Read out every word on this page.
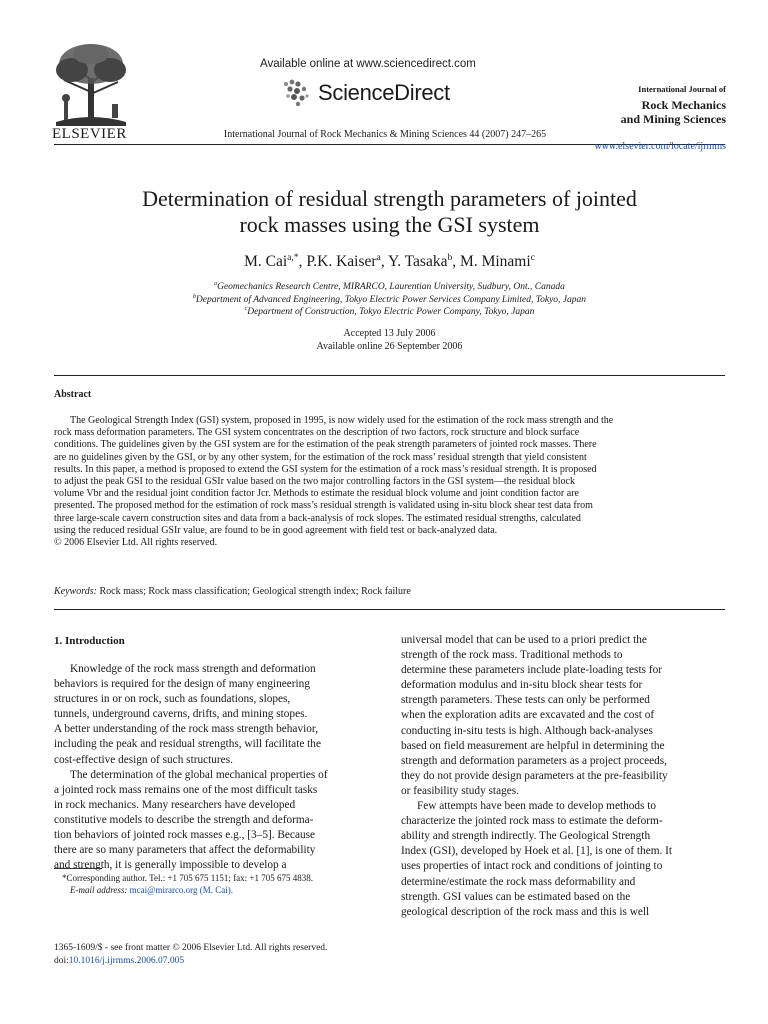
ELSEVIER
Available online at www.sciencedirect.com
ScienceDirect
International Journal of Rock Mechanics & Mining Sciences 44 (2007) 247–265
International Journal of
Rock Mechanics
and Mining Sciences
www.elsevier.com/locate/ijrmms
Determination of residual strength parameters of jointed
rock masses using the GSI system
M. Cai$^{a,*}$, P.K. Kaiser$^a$, Y. Tasaka$^b$, M. Minami$^c$
$^a$Geomechanics Research Centre, MIRARCO, Laurentian University, Sudbury, Ont., Canada
$^b$Department of Advanced Engineering, Tokyo Electric Power Services Company Limited, Tokyo, Japan
$^c$Department of Construction, Tokyo Electric Power Company, Tokyo, Japan
Accepted 13 July 2006
Available online 26 September 2006
Abstract
The Geological Strength Index (GSI) system, proposed in 1995, is now widely used for the estimation of the rock mass strength and the
rock mass deformation parameters. The GSI system concentrates on the description of two factors, rock structure and block surface
conditions. The guidelines given by the GSI system are for the estimation of the peak strength parameters of jointed rock masses. There
are no guidelines given by the GSI, or by any other system, for the estimation of the rock mass’ residual strength that yield consistent
results. In this paper, a method is proposed to extend the GSI system for the estimation of a rock mass’s residual strength. It is proposed
to adjust the peak GSI to the residual GSIr value based on the two major controlling factors in the GSI system—the residual block
volume Vbr and the residual joint condition factor Jcr. Methods to estimate the residual block volume and joint condition factor are
presented. The proposed method for the estimation of rock mass’s residual strength is validated using in-situ block shear test data from
three large-scale cavern construction sites and data from a back-analysis of rock slopes. The estimated residual strengths, calculated
using the reduced residual GSIr value, are found to be in good agreement with field test or back-analyzed data.
© 2006 Elsevier Ltd. All rights reserved.
Keywords: Rock mass; Rock mass classification; Geological strength index; Rock failure
1. Introduction
Knowledge of the rock mass strength and deformation
behaviors is required for the design of many engineering
structures in or on rock, such as foundations, slopes,
tunnels, underground caverns, drifts, and mining stopes.
A better understanding of the rock mass strength behavior,
including the peak and residual strengths, will facilitate the
cost-effective design of such structures.
The determination of the global mechanical properties of
a jointed rock mass remains one of the most difficult tasks
in rock mechanics. Many researchers have developed
constitutive models to describe the strength and deforma-
tion behaviors of jointed rock masses e.g., [3–5]. Because
there are so many parameters that affect the deformability
and strength, it is generally impossible to develop a
universal model that can be used to a priori predict the
strength of the rock mass. Traditional methods to
determine these parameters include plate-loading tests for
deformation modulus and in-situ block shear tests for
strength parameters. These tests can only be performed
when the exploration adits are excavated and the cost of
conducting in-situ tests is high. Although back-analyses
based on field measurement are helpful in determining the
strength and deformation parameters as a project proceeds,
they do not provide design parameters at the pre-feasibility
or feasibility study stages.
Few attempts have been made to develop methods to
characterize the jointed rock mass to estimate the deform-
ability and strength indirectly. The Geological Strength
Index (GSI), developed by Hoek et al. [1], is one of them. It
uses properties of intact rock and conditions of jointing to
determine/estimate the rock mass deformability and
strength. GSI values can be estimated based on the
geological description of the rock mass and this is well
*Corresponding author. Tel.: +1 705 675 1151; fax: +1 705 675 4838.
E-mail address: mcai@mirarco.org (M. Cai).
1365-1609/$ - see front matter © 2006 Elsevier Ltd. All rights reserved.
doi:10.1016/j.ijrmms.2006.07.005
